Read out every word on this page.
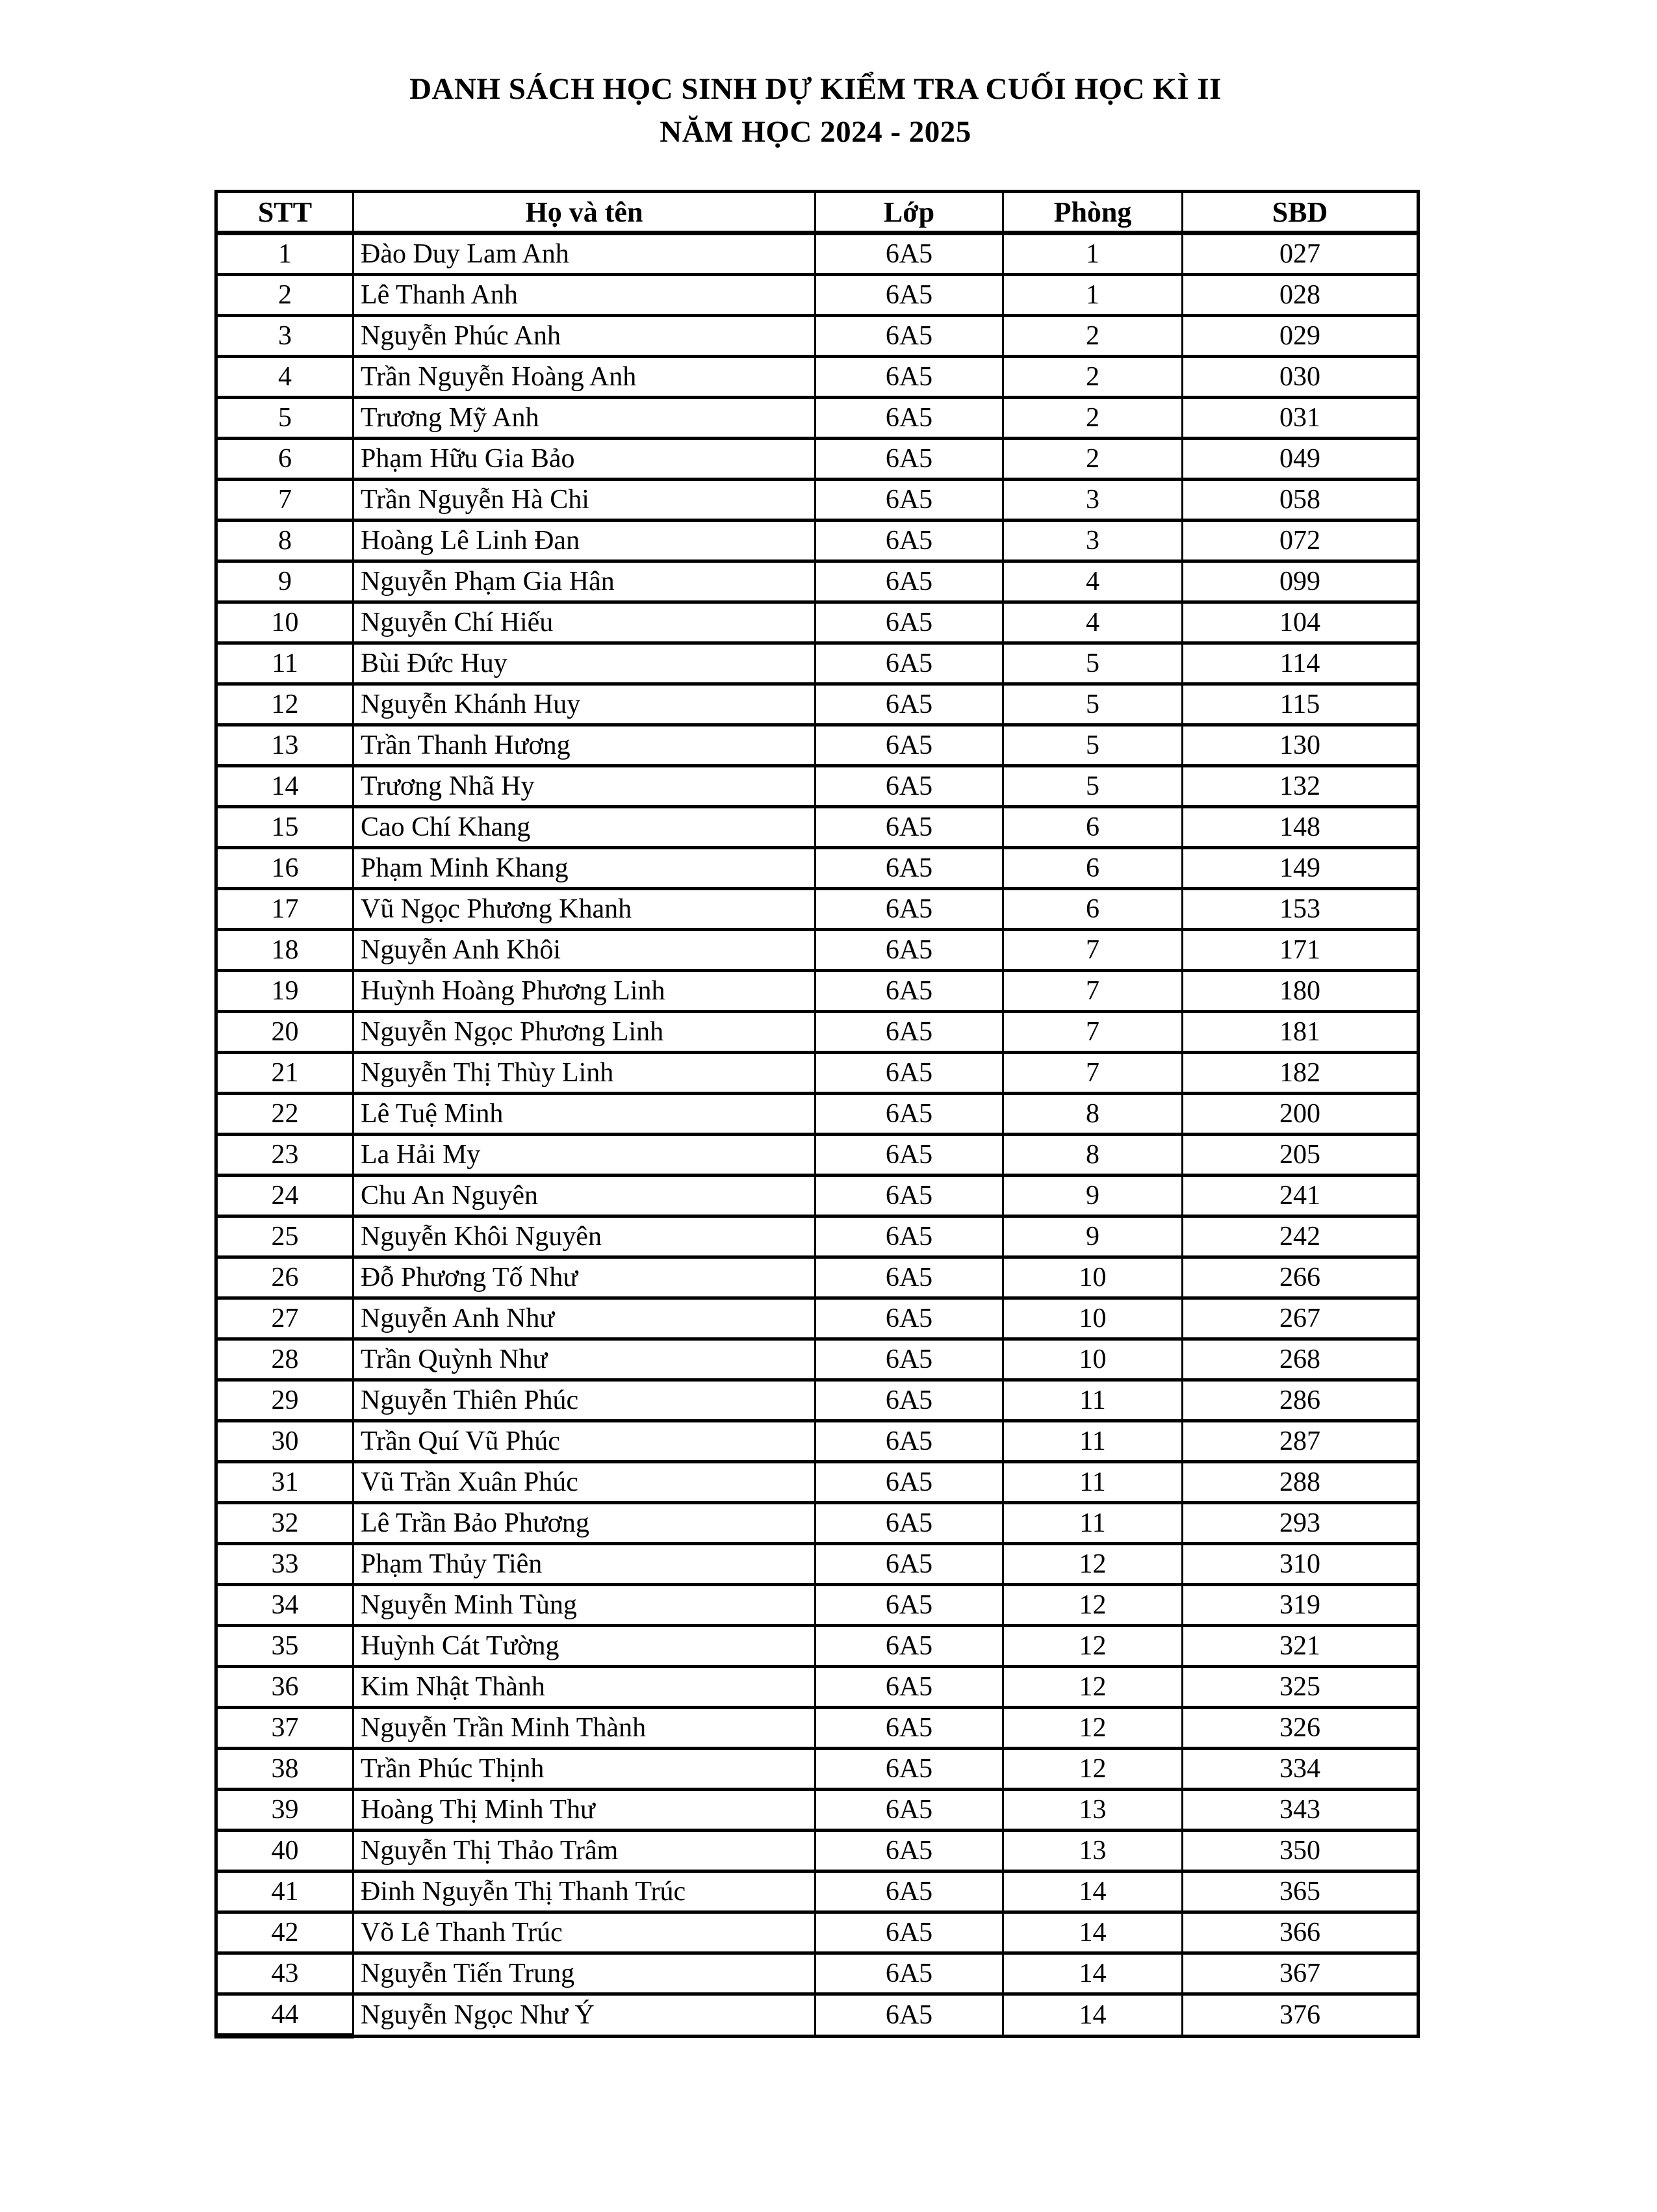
DANH SÁCH HỌC SINH DỰ KIỂM TRA CUỐI HỌC KÌ II
NĂM HỌC 2024 - 2025
STT	Họ và tên	Lớp	Phòng	SBD
1	Đào Duy Lam Anh	6A5	1	027
2	Lê Thanh Anh	6A5	1	028
3	Nguyễn Phúc Anh	6A5	2	029
4	Trần Nguyễn Hoàng Anh	6A5	2	030
5	Trương Mỹ Anh	6A5	2	031
6	Phạm Hữu Gia Bảo	6A5	2	049
7	Trần Nguyễn Hà Chi	6A5	3	058
8	Hoàng Lê Linh Đan	6A5	3	072
9	Nguyễn Phạm Gia Hân	6A5	4	099
10	Nguyễn Chí Hiếu	6A5	4	104
11	Bùi Đức Huy	6A5	5	114
12	Nguyễn Khánh Huy	6A5	5	115
13	Trần Thanh Hương	6A5	5	130
14	Trương Nhã Hy	6A5	5	132
15	Cao Chí Khang	6A5	6	148
16	Phạm Minh Khang	6A5	6	149
17	Vũ Ngọc Phương Khanh	6A5	6	153
18	Nguyễn Anh Khôi	6A5	7	171
19	Huỳnh Hoàng Phương Linh	6A5	7	180
20	Nguyễn Ngọc Phương Linh	6A5	7	181
21	Nguyễn Thị Thùy Linh	6A5	7	182
22	Lê Tuệ Minh	6A5	8	200
23	La Hải My	6A5	8	205
24	Chu An Nguyên	6A5	9	241
25	Nguyễn Khôi Nguyên	6A5	9	242
26	Đỗ Phương Tố Như	6A5	10	266
27	Nguyễn Anh Như	6A5	10	267
28	Trần Quỳnh Như	6A5	10	268
29	Nguyễn Thiên Phúc	6A5	11	286
30	Trần Quí Vũ Phúc	6A5	11	287
31	Vũ Trần Xuân Phúc	6A5	11	288
32	Lê Trần Bảo Phương	6A5	11	293
33	Phạm Thủy Tiên	6A5	12	310
34	Nguyễn Minh Tùng	6A5	12	319
35	Huỳnh Cát Tường	6A5	12	321
36	Kim Nhật Thành	6A5	12	325
37	Nguyễn Trần Minh Thành	6A5	12	326
38	Trần Phúc Thịnh	6A5	12	334
39	Hoàng Thị Minh Thư	6A5	13	343
40	Nguyễn Thị Thảo Trâm	6A5	13	350
41	Đinh Nguyễn Thị Thanh Trúc	6A5	14	365
42	Võ Lê Thanh Trúc	6A5	14	366
43	Nguyễn Tiến Trung	6A5	14	367
44	Nguyễn Ngọc Như Ý	6A5	14	376
